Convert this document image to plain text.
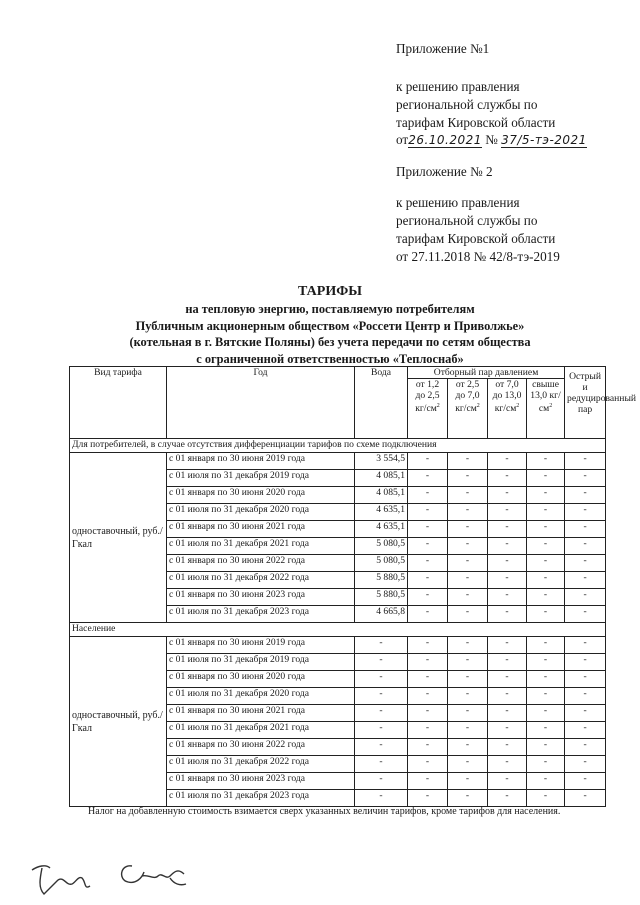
Приложение №1
к решению правления
региональной службы по
тарифам Кировской области
от26.10.2021 № 37/5-тэ-2021
Приложение № 2
к решению правления
региональной службы по
тарифам Кировской области
от 27.11.2018 № 42/8-тэ-2019
ТАРИФЫ
на тепловую энергию, поставляемую потребителям
Публичным акционерным обществом «Россети Центр и Приволжье»
(котельная в г. Вятские Поляны) без учета передачи по сетям общества
с ограниченной ответственностью «Теплоснаб»
Вид тарифа	Год	Вода	Отборный пар давлением				Острый и редуцированный пар
			от 1,2 до 2,5 $кг/см^2$	от 2,5 до 7,0 $кг/см^2$	от 7,0 до 13,0 $кг/см^2$	свыше 13,0 $кг/см^2$
Для потребителей, в случае отсутствия дифференциации тарифов по схеме подключения							
одноставочный, руб./Гкал	с 01 января по 30 июня 2019 года	3 554,5	-	-	-	-	-
	с 01 июля по 31 декабря 2019 года	4 085,1	-	-	-	-	-
	с 01 января по 30 июня 2020 года	4 085,1	-	-	-	-	-
	с 01 июля по 31 декабря 2020 года	4 635,1	-	-	-	-	-
	с 01 января по 30 июня 2021 года	4 635,1	-	-	-	-	-
	с 01 июля по 31 декабря 2021 года	5 080,5	-	-	-	-	-
	с 01 января по 30 июня 2022 года	5 080,5	-	-	-	-	-
	с 01 июля по 31 декабря 2022 года	5 880,5	-	-	-	-	-
	с 01 января по 30 июня 2023 года	5 880,5	-	-	-	-	-
	с 01 июля по 31 декабря 2023 года	4 665,8	-	-	-	-	-
Население							
одноставочный, руб./Гкал	с 01 января по 30 июня 2019 года	-	-	-	-	-	-
	с 01 июля по 31 декабря 2019 года	-	-	-	-	-	-
	с 01 января по 30 июня 2020 года	-	-	-	-	-	-
	с 01 июля по 31 декабря 2020 года	-	-	-	-	-	-
	с 01 января по 30 июня 2021 года	-	-	-	-	-	-
	с 01 июля по 31 декабря 2021 года	-	-	-	-	-	-
	с 01 января по 30 июня 2022 года	-	-	-	-	-	-
	с 01 июля по 31 декабря 2022 года	-	-	-	-	-	-
	с 01 января по 30 июня 2023 года	-	-	-	-	-	-
	с 01 июля по 31 декабря 2023 года	-	-	-	-	-	-
Налог на добавленную стоимость взимается сверх указанных величин тарифов, кроме тарифов для населения.
